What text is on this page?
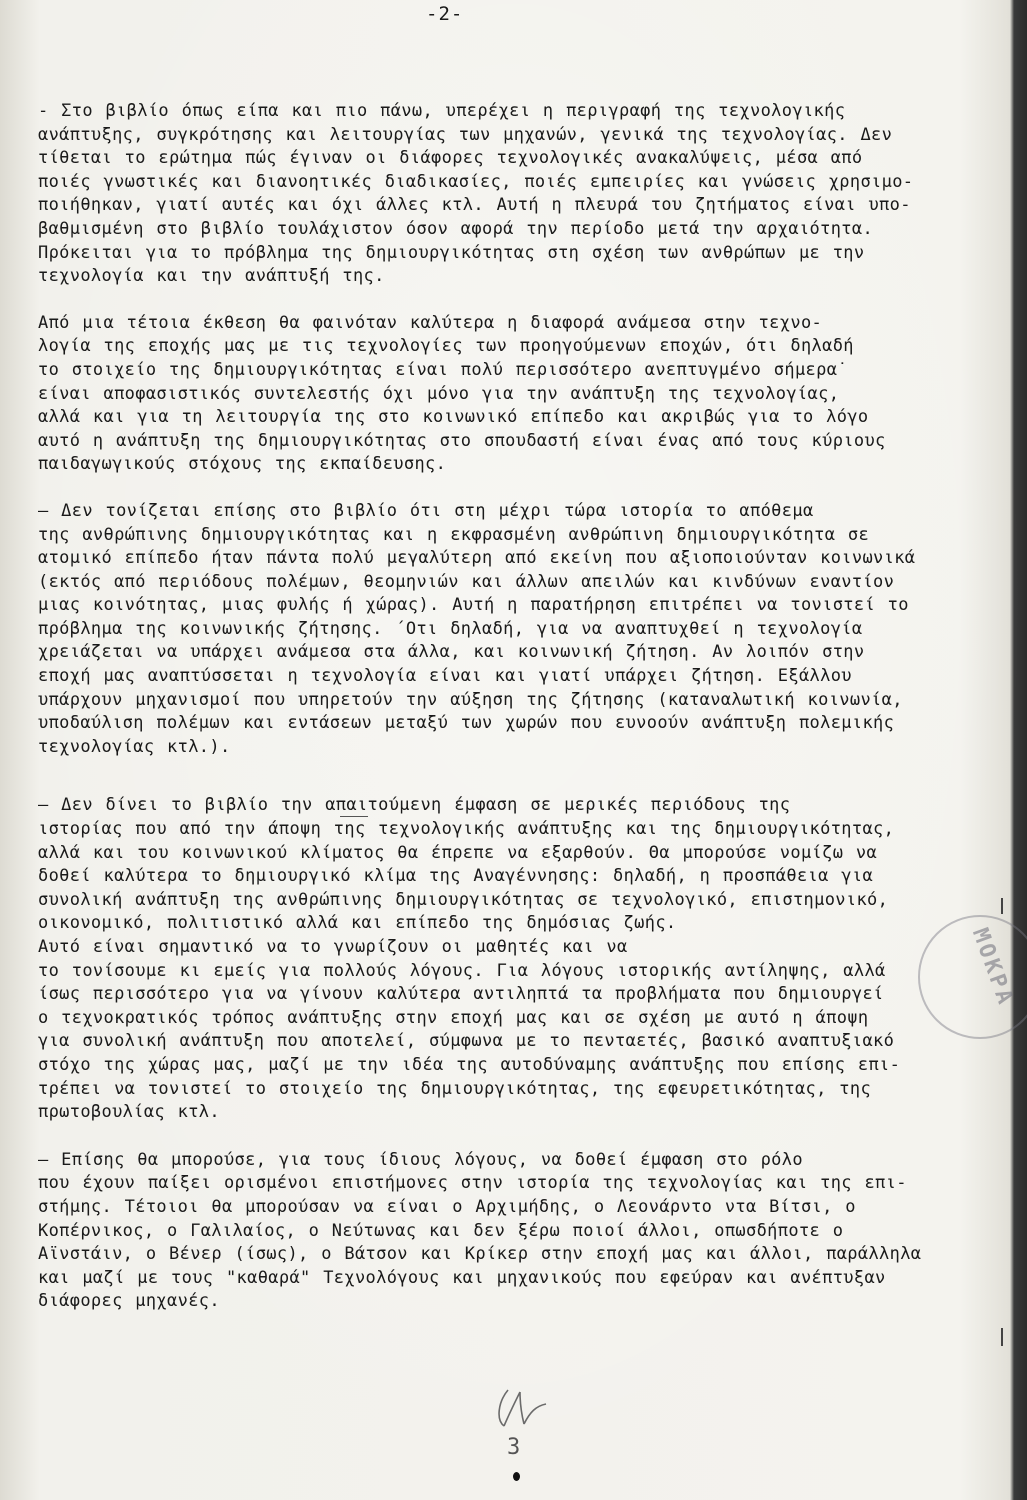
-2-

- Στο βιβλίο όπως είπα και πιο πάνω, υπερέχει η περιγραφή της τεχνολογικής
ανάπτυξης, συγκρότησης και λειτουργίας των μηχανών, γενικά της τεχνολογίας. Δεν
τίθεται το ερώτημα πώς έγιναν οι διάφορες τεχνολογικές ανακαλύψεις, μέσα από
ποιές γνωστικές και διανοητικές διαδικασίες, ποιές εμπειρίες και γνώσεις χρησιμο-
ποιήθηκαν, γιατί αυτές και όχι άλλες κτλ. Αυτή η πλευρά του ζητήματος είναι υπο-
βαθμισμένη στο βιβλίο τουλάχιστον όσον αφορά την περίοδο μετά την αρχαιότητα.
Πρόκειται για το πρόβλημα της δημιουργικότητας στη σχέση των ανθρώπων με την
τεχνολογία και την ανάπτυξή της.

Από μια τέτοια έκθεση θα φαινόταν καλύτερα η διαφορά ανάμεσα στην τεχνο-
λογία της εποχής μας με τις τεχνολογίες των προηγούμενων εποχών, ότι δηλαδή
το στοιχείο της δημιουργικότητας είναι πολύ περισσότερο ανεπτυγμένο σήμερα˙
είναι αποφασιστικός συντελεστής όχι μόνο για την ανάπτυξη της τεχνολογίας,
αλλά και για τη λειτουργία της στο κοινωνικό επίπεδο και ακριβώς για το λόγο
αυτό η ανάπτυξη της δημιουργικότητας στο σπουδαστή είναι ένας από τους κύριους
παιδαγωγικούς στόχους της εκπαίδευσης.

– Δεν τονίζεται επίσης στο βιβλίο ότι στη μέχρι τώρα ιστορία το απόθεμα
της ανθρώπινης δημιουργικότητας και η εκφρασμένη ανθρώπινη δημιουργικότητα σε
ατομικό επίπεδο ήταν πάντα πολύ μεγαλύτερη από εκείνη που αξιοποιούνταν κοινωνικά
(εκτός από περιόδους πολέμων, θεομηνιών και άλλων απειλών και κινδύνων εναντίον
μιας κοινότητας, μιας φυλής ή χώρας). Αυτή η παρατήρηση επιτρέπει να τονιστεί το
πρόβλημα της κοινωνικής ζήτησης. ΄Οτι δηλαδή, για να αναπτυχθεί η τεχνολογία
χρειάζεται να υπάρχει ανάμεσα στα άλλα, και κοινωνική ζήτηση. Αν λοιπόν στην
εποχή μας αναπτύσσεται η τεχνολογία είναι και γιατί υπάρχει ζήτηση. Εξάλλου
υπάρχουν μηχανισμοί που υπηρετούν την αύξηση της ζήτησης (καταναλωτική κοινωνία,
υποδαύλιση πολέμων και εντάσεων μεταξύ των χωρών που ευνοούν ανάπτυξη πολεμικής
τεχνολογίας κτλ.).

– Δεν δίνει το βιβλίο την απαιτούμενη έμφαση σε μερικές περιόδους της
ιστορίας που από την άποψη της τεχνολογικής ανάπτυξης και της δημιουργικότητας,
αλλά και του κοινωνικού κλίματος θα έπρεπε να εξαρθούν. Θα μπορούσε νομίζω να
δοθεί καλύτερα το δημιουργικό κλίμα της Αναγέννησης: δηλαδή, η προσπάθεια για
συνολική ανάπτυξη της ανθρώπινης δημιουργικότητας σε τεχνολογικό, επιστημονικό,
οικονομικό, πολιτιστικό αλλά και επίπεδο της δημόσιας ζωής.
Αυτό είναι σημαντικό να το γνωρίζουν οι μαθητές και να
το τονίσουμε κι εμείς για πολλούς λόγους. Για λόγους ιστορικής αντίληψης, αλλά
ίσως περισσότερο για να γίνουν καλύτερα αντιληπτά τα προβλήματα που δημιουργεί
ο τεχνοκρατικός τρόπος ανάπτυξης στην εποχή μας και σε σχέση με αυτό η άποψη
για συνολική ανάπτυξη που αποτελεί, σύμφωνα με το πενταετές, βασικό αναπτυξιακό
στόχο της χώρας μας, μαζί με την ιδέα της αυτοδύναμης ανάπτυξης που επίσης επι-
τρέπει να τονιστεί το στοιχείο της δημιουργικότητας, της εφευρετικότητας, της
πρωτοβουλίας κτλ.

– Επίσης θα μπορούσε, για τους ίδιους λόγους, να δοθεί έμφαση στο ρόλο
που έχουν παίξει ορισμένοι επιστήμονες στην ιστορία της τεχνολογίας και της επι-
στήμης. Τέτοιοι θα μπορούσαν να είναι ο Αρχιμήδης, ο Λεονάρντο ντα Βίτσι, ο
Κοπέρνικος, ο Γαλιλαίος, ο Νεύτωνας και δεν ξέρω ποιοί άλλοι, οπωσδήποτε ο
Αϊνστάιν, ο Βένερ (ίσως), ο Βάτσον και Κρίκερ στην εποχή μας και άλλοι, παράλληλα
και μαζί με τους "καθαρά" Τεχνολόγους και μηχανικούς που εφεύραν και ανέπτυξαν
διάφορες μηχανές.

ΜΟΚΡΑ
3
